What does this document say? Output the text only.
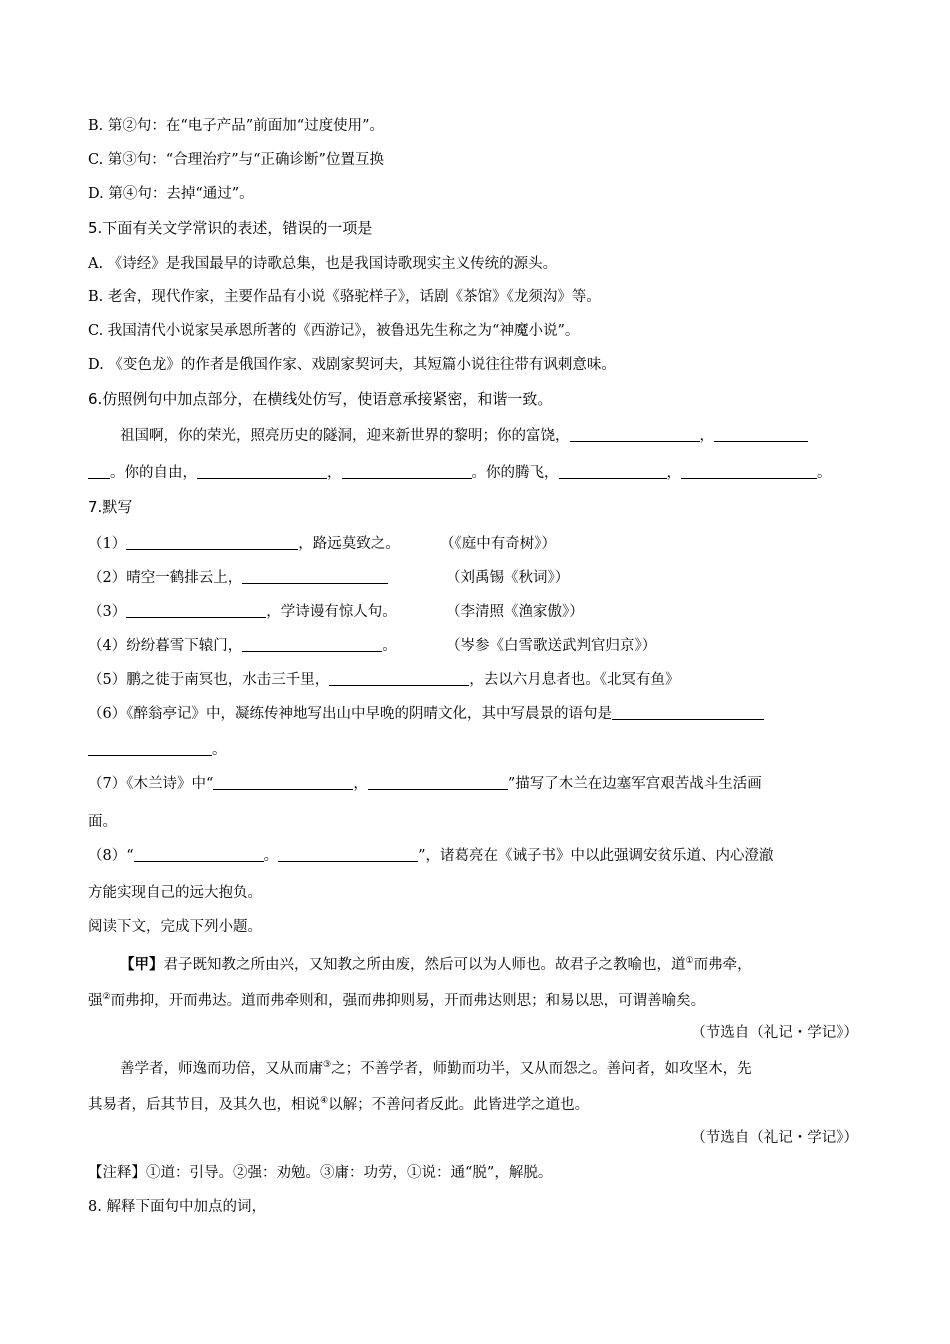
B. 第②句：在“电子产品”前面加“过度使用”。
C. 第③句：“合理治疗”与“正确诊断”位置互换
D. 第④句：去掉“通过”。
5.下面有关文学常识的表述，错误的一项是
A. 《诗经》是我国最早的诗歌总集，也是我国诗歌现实主义传统的源头。
B. 老舍，现代作家，主要作品有小说《骆驼样子》，话剧《茶馆》《龙须沟》等。
C. 我国清代小说家吴承恩所著的《西游记》，被鲁迅先生称之为“神魔小说”。
D. 《变色龙》的作者是俄国作家、戏剧家契诃夫，其短篇小说往往带有讽刺意味。
6.仿照例句中加点部分，在横线处仿写，使语意承接紧密，和谐一致。
祖国啊，你的荣光，照亮历史的隧洞，迎来新世界的黎明；你的富饶，	，
。你的自由，	，	。你的腾飞，	，	。
7.默写
（1）	，路远莫致之。	（《庭中有奇树》）
（2）晴空一鹤排云上，	（刘禹锡《秋词》）
（3）	，学诗谩有惊人句。	（李清照《渔家傲》）
（4）纷纷暮雪下辕门，	。	（岑参《白雪歌送武判官归京》）
（5）鹏之徙于南冥也，水击三千里，	，去以六月息者也。《北冥有鱼》
（6）《醉翁亭记》中，凝练传神地写出山中早晚的阴晴文化，其中写晨景的语句是
。
（7）《木兰诗》中“	，	”描写了木兰在边塞军宫艰苦战斗生活画
面。
（8）“	。	”，诸葛亮在《诫子书》中以此强调安贫乐道、内心澄澈
方能实现自己的远大抱负。
阅读下文，完成下列小题。
【甲】君子既知教之所由兴，又知教之所由废，然后可以为人师也。故君子之教喻也，道①而弗牵，
强②而弗抑，开而弗达。道而弗牵则和，强而弗抑则易，开而弗达则思；和易以思，可谓善喻矣。
（节选自（礼记・学记》）
善学者，师逸而功倍，又从而庸③之；不善学者，师勤而功半，又从而怨之。善问者，如攻坚木，先
其易者，后其节目，及其久也，相说④以解；不善问者反此。此皆进学之道也。
（节选自（礼记・学记》）
【注释】①道：引导。②强：劝勉。③庸：功劳，①说：通“脱”，解脱。
8. 解释下面句中加点的词，
